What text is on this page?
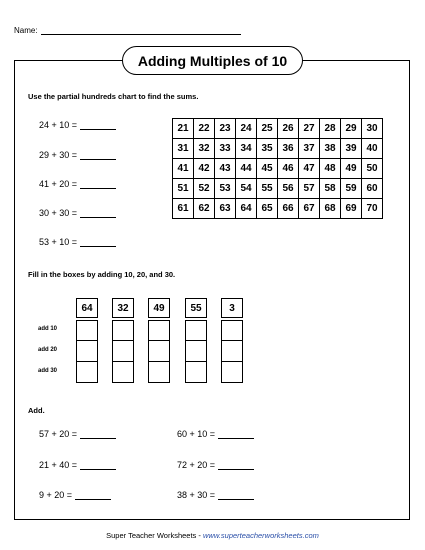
Name:
Adding Multiples of 10
Use the partial hundreds chart to find the sums.
24 + 10 =
29 + 30 =
41 + 20 =
30 + 30 =
53 + 10 =
21	22	23	24	25	26	27	28	29	30
31	32	33	34	35	36	37	38	39	40
41	42	43	44	45	46	47	48	49	50
51	52	53	54	55	56	57	58	59	60
61	62	63	64	65	66	67	68	69	70
Fill in the boxes by adding 10, 20, and 30.
64	32	49	55	3
add 10
add 20
add 30
Add.
57 + 20 =	60 + 10 =
21 + 40 =	72 + 20 =
9 + 20 =	38 + 30 =
Super Teacher Worksheets - www.superteacherworksheets.com
